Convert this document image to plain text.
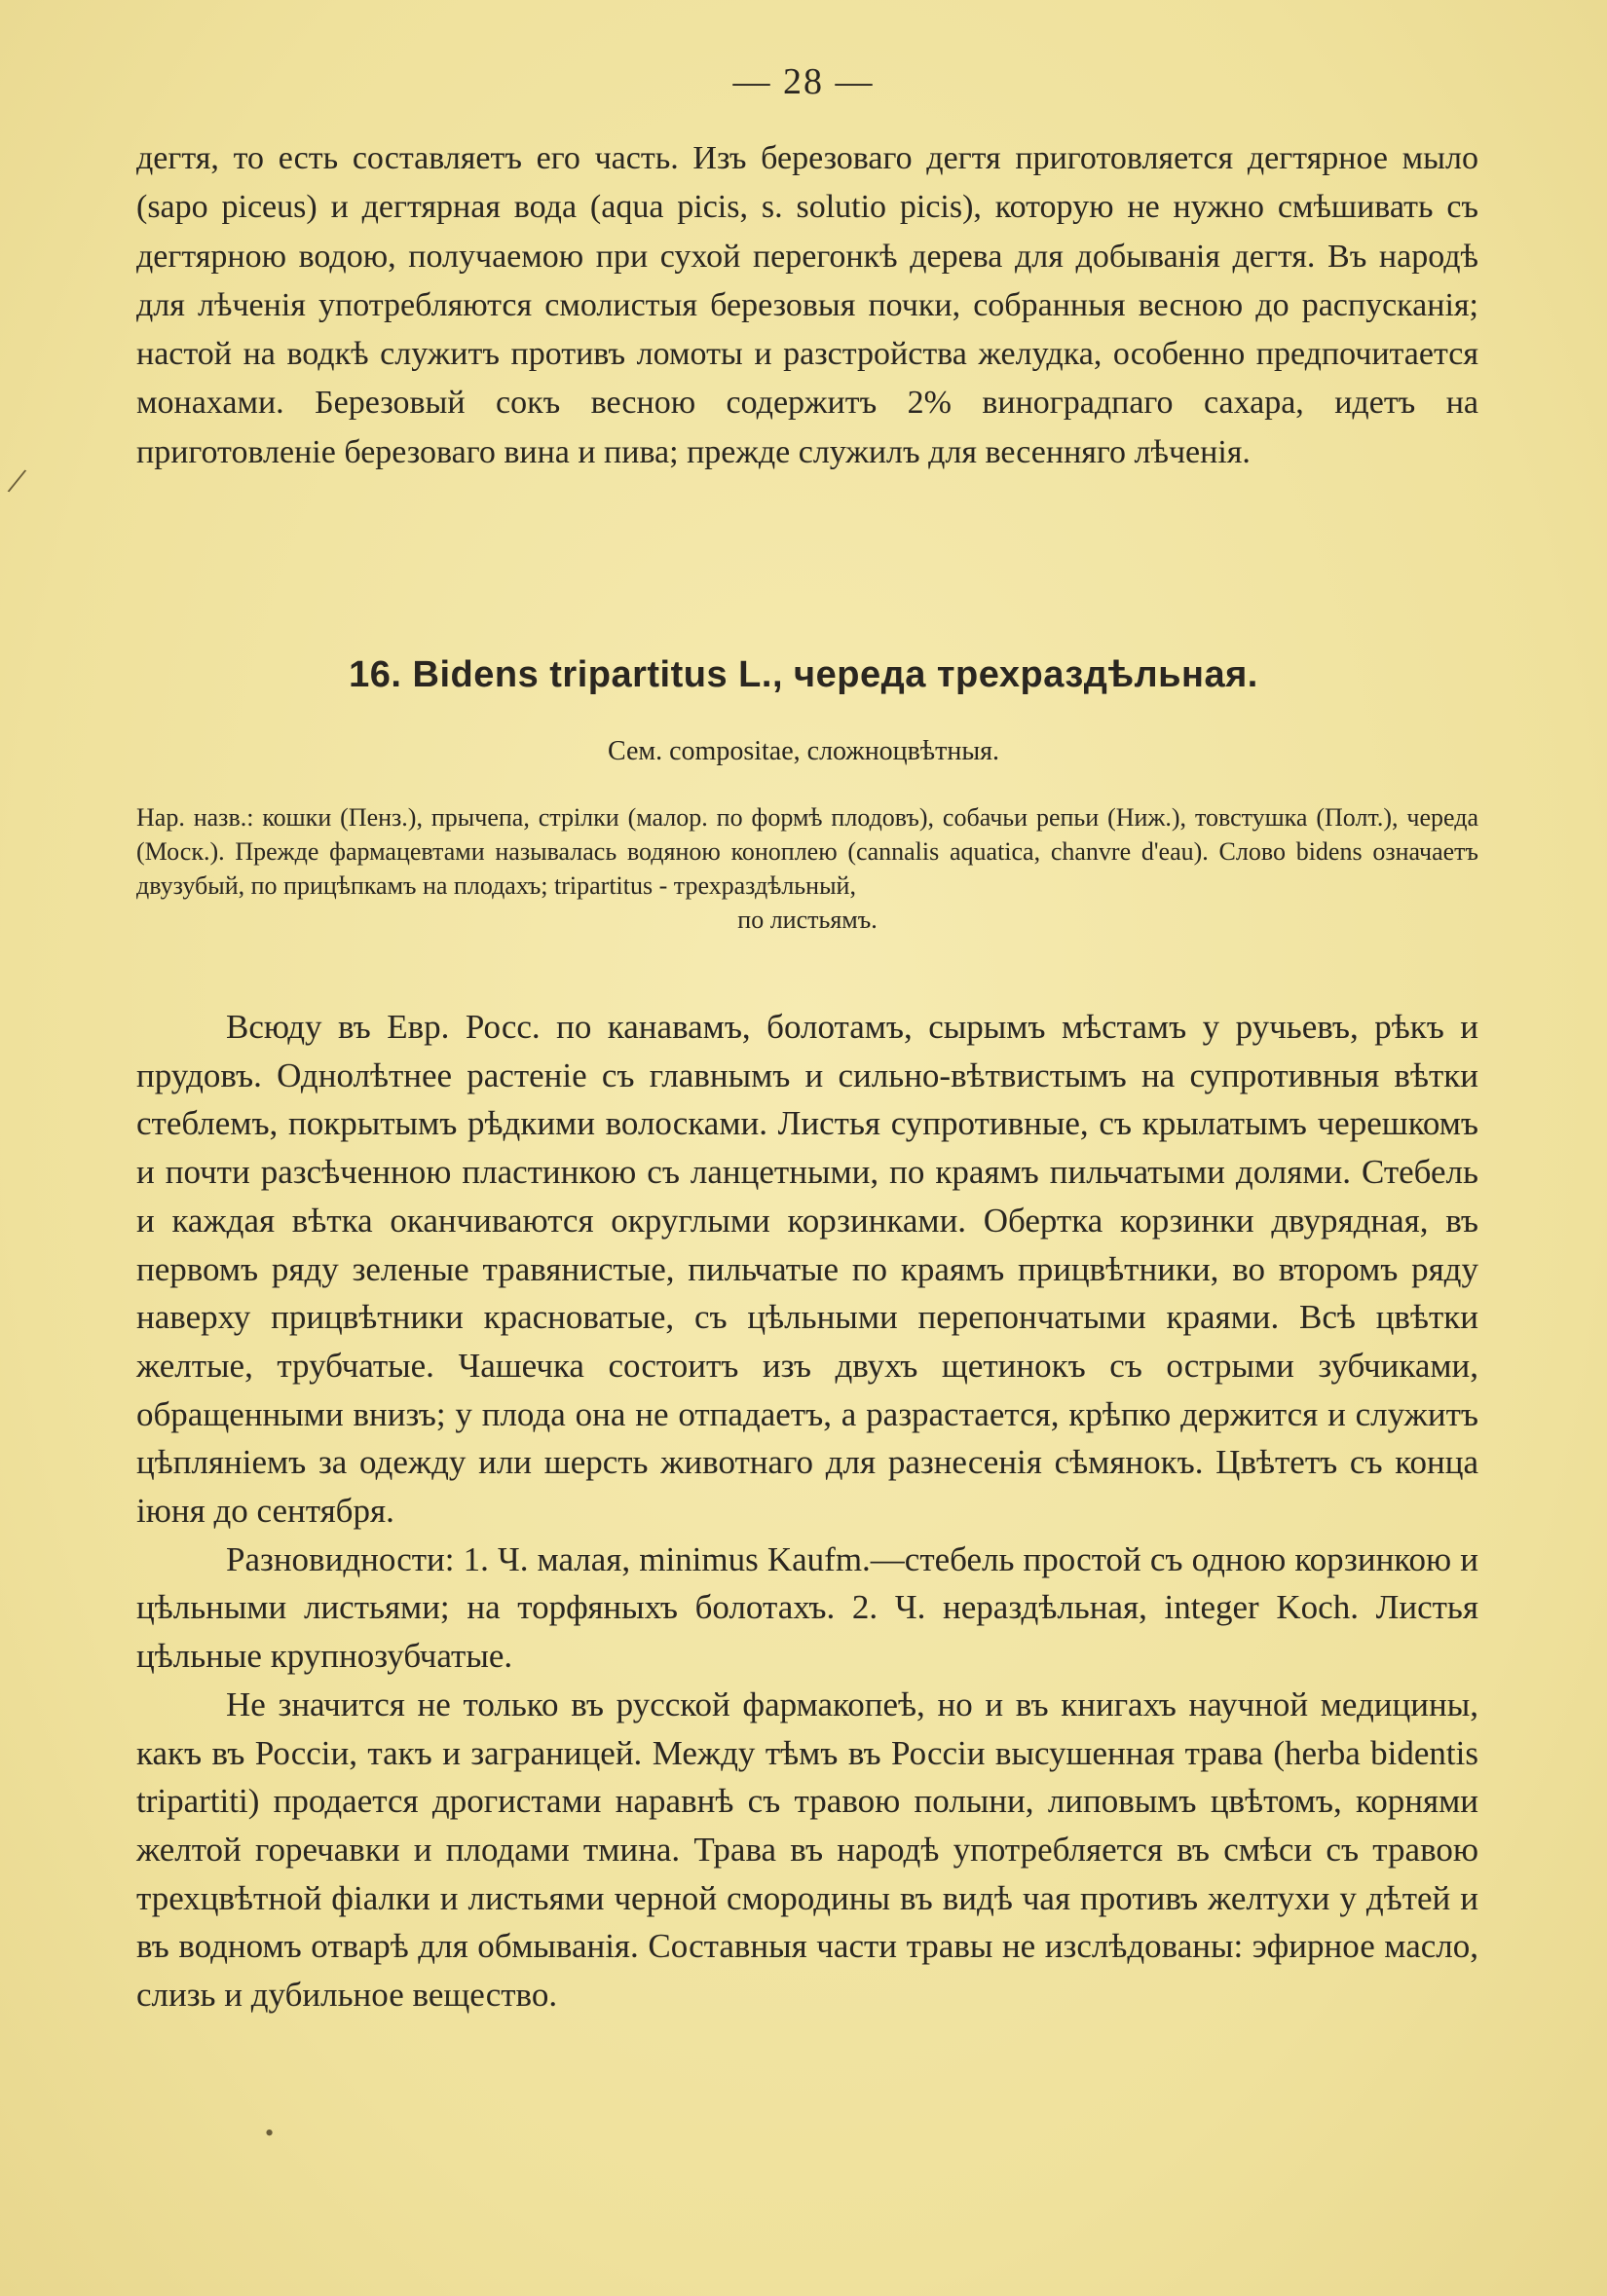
— 28 —

дегтя, то есть составляетъ его часть. Изъ березоваго дегтя приготовляется дегтярное мыло (sapo piceus) и дегтярная вода (aqua picis, s. solutio picis), которую не нужно смѣшивать съ дегтярною водою, получаемою при сухой перегонкѣ дерева для добыванія дегтя. Въ народѣ для лѣченія употребляются смолистыя березовыя почки, собранныя весною до распусканія; настой на водкѣ служитъ противъ ломоты и разстройства желудка, особенно предпочитается монахами. Березовый сокъ весною содержитъ 2% виноградпаго сахара, идетъ на приготовленіе березоваго вина и пива; прежде служилъ для весенняго лѣченія.

16. Bidens tripartitus L., череда трехраздѣльная.
Сем. compositae, сложноцвѣтныя.
Нар. назв.: кошки (Пенз.), прычепа, стрілки (малор. по формѣ плодовъ), собачьи репьи (Ниж.), товстушка (Полт.), череда (Моск.). Прежде фармацевтами называлась водяною коноплею (cannalis aquatica, chanvre d'eau). Слово bidens означаетъ двузубый, по прицѣпкамъ на плодахъ; tripartitus - трехраздѣльный,
по листьямъ.

Всюду въ Евр. Росс. по канавамъ, болотамъ, сырымъ мѣстамъ у ручьевъ, рѣкъ и прудовъ. Однолѣтнее растеніе съ главнымъ и сильно-вѣтвистымъ на супротивныя вѣтки стеблемъ, покрытымъ рѣдкими волосками. Листья супротивные, съ крылатымъ черешкомъ и почти разсѣченною пластинкою съ ланцетными, по краямъ пильчатыми долями. Стебель и каждая вѣтка оканчиваются округлыми корзинками. Обертка корзинки двурядная, въ первомъ ряду зеленые травянистые, пильчатые по краямъ прицвѣтники, во второмъ ряду наверху прицвѣтники красноватые, съ цѣльными перепончатыми краями. Всѣ цвѣтки желтые, трубчатые. Чашечка состоитъ изъ двухъ щетинокъ съ острыми зубчиками, обращенными внизъ; у плода она не отпадаетъ, а разрастается, крѣпко держится и служитъ цѣпляніемъ за одежду или шерсть животнаго для разнесенія сѣмянокъ. Цвѣтетъ съ конца іюня до сентября.

Разновидности: 1. Ч. малая, minimus Kaufm.—стебель простой съ одною корзинкою и цѣльными листьями; на торфяныхъ болотахъ. 2. Ч. нераздѣльная, integer Koch. Листья цѣльные крупнозубчатые.

Не значится не только въ русской фармакопеѣ, но и въ книгахъ научной медицины, какъ въ Россіи, такъ и заграницей. Между тѣмъ въ Россіи высушенная трава (herba bidentis tripartiti) продается дрогистами наравнѣ съ травою полыни, липовымъ цвѣтомъ, корнями желтой горечавки и плодами тмина. Трава въ народѣ употребляется въ смѣси съ травою трехцвѣтной фіалки и листьями черной смородины въ видѣ чая противъ желтухи у дѣтей и въ водномъ отварѣ для обмыванія. Составныя части травы не изслѣдованы: эфирное масло, слизь и дубильное вещество.

/
•
